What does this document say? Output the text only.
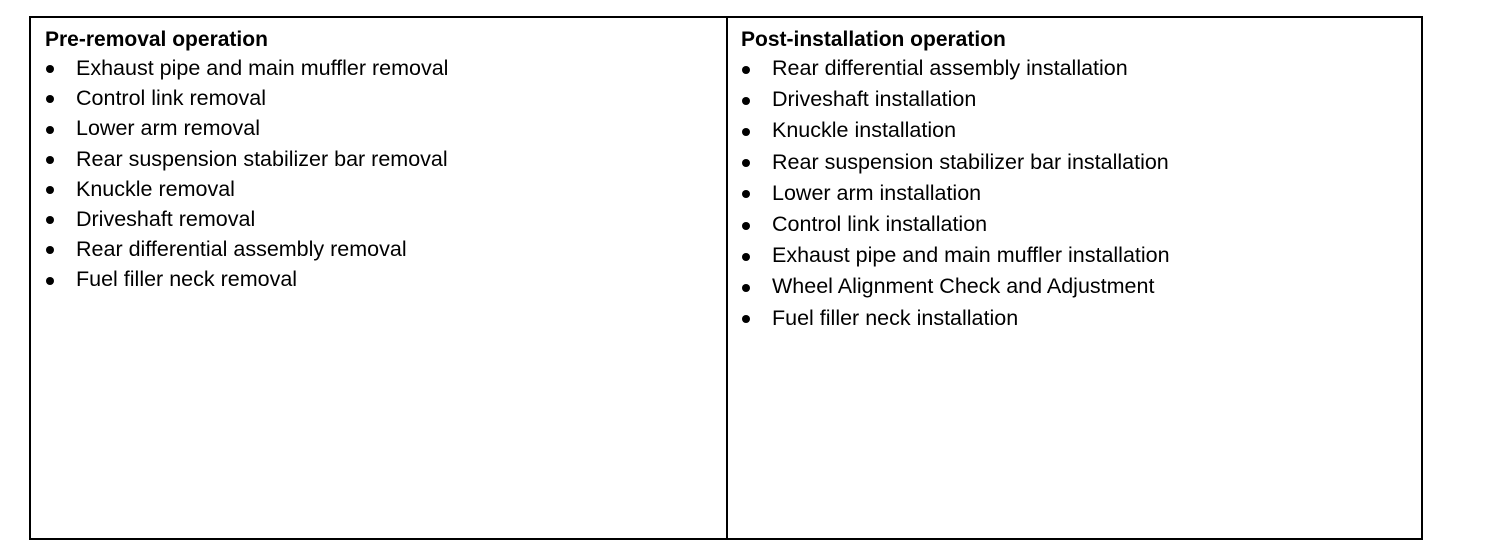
Pre-removal operation

Exhaust pipe and main muffler removal
Control link removal
Lower arm removal
Rear suspension stabilizer bar removal
Knuckle removal
Driveshaft removal
Rear differential assembly removal
Fuel filler neck removal

Post-installation operation

Rear differential assembly installation
Driveshaft installation
Knuckle installation
Rear suspension stabilizer bar installation
Lower arm installation
Control link installation
Exhaust pipe and main muffler installation
Wheel Alignment Check and Adjustment
Fuel filler neck installation
